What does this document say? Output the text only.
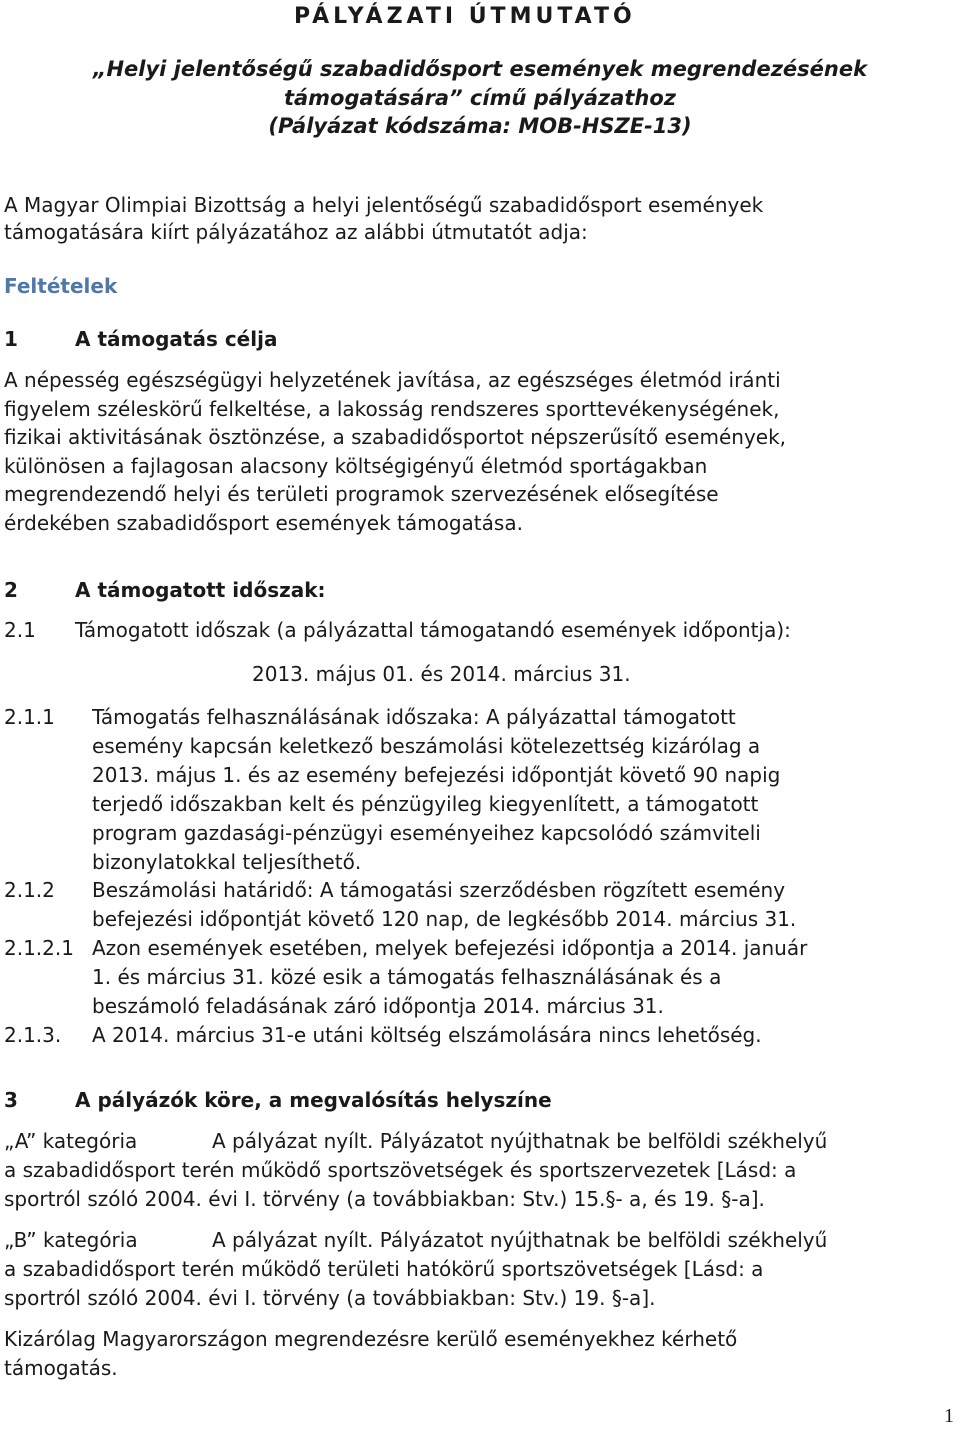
PÁLYÁZATI ÚTMUTATÓ
„Helyi jelentőségű szabadidősport események megrendezésének
támogatására” című pályázathoz
(Pályázat kódszáma: MOB-HSZE-13)
A Magyar Olimpiai Bizottság a helyi jelentőségű szabadidősport események
támogatására kiírt pályázatához az alábbi útmutatót adja:
Feltételek
1	A támogatás célja
A népesség egészségügyi helyzetének javítása, az egészséges életmód iránti
figyelem széleskörű felkeltése, a lakosság rendszeres sporttevékenységének,
fizikai aktivitásának ösztönzése, a szabadidősportot népszerűsítő események,
különösen a fajlagosan alacsony költségigényű életmód sportágakban
megrendezendő helyi és területi programok szervezésének elősegítése
érdekében szabadidősport események támogatása.
2	A támogatott időszak:
2.1 Támogatott időszak (a pályázattal támogatandó események időpontja):
2013. május 01. és 2014. március 31.
2.1.1 Támogatás felhasználásának időszaka: A pályázattal támogatott
esemény kapcsán keletkező beszámolási kötelezettség kizárólag a
2013. május 1. és az esemény befejezési időpontját követő 90 napig
terjedő időszakban kelt és pénzügyileg kiegyenlített, a támogatott
program gazdasági-pénzügyi eseményeihez kapcsolódó számviteli
bizonylatokkal teljesíthető.
2.1.2 Beszámolási határidő: A támogatási szerződésben rögzített esemény
befejezési időpontját követő 120 nap, de legkésőbb 2014. március 31.
2.1.2.1 Azon események esetében, melyek befejezési időpontja a 2014. január
1. és március 31. közé esik a támogatás felhasználásának és a
beszámoló feladásának záró időpontja 2014. március 31.
2.1.3. A 2014. március 31-e utáni költség elszámolására nincs lehetőség.
3	A pályázók köre, a megvalósítás helyszíne
„A” kategória	A pályázat nyílt. Pályázatot nyújthatnak be belföldi székhelyű
a szabadidősport terén működő sportszövetségek és sportszervezetek [Lásd: a
sportról szóló 2004. évi I. törvény (a továbbiakban: Stv.) 15.§- a, és 19. §-a].
„B” kategória	A pályázat nyílt. Pályázatot nyújthatnak be belföldi székhelyű
a szabadidősport terén működő területi hatókörű sportszövetségek [Lásd: a
sportról szóló 2004. évi I. törvény (a továbbiakban: Stv.) 19. §-a].
Kizárólag Magyarországon megrendezésre kerülő eseményekhez kérhető
támogatás.
1
